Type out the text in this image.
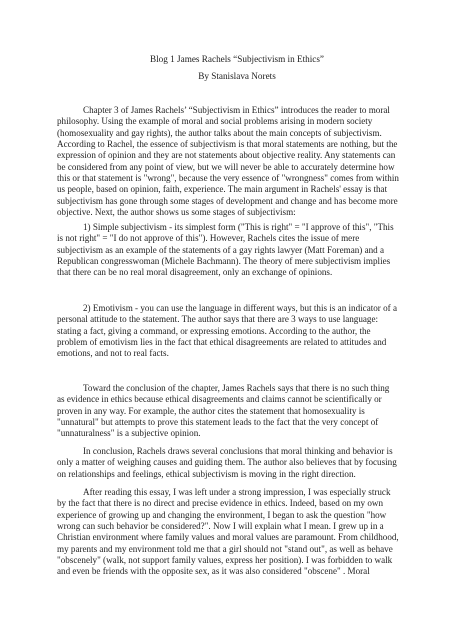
Blog 1 James Rachels “Subjectivism in Ethics”
By Stanislava Norets

Chapter 3 of James Rachels’ “Subjectivism in Ethics” introduces the reader to moral
philosophy. Using the example of moral and social problems arising in modern society
(homosexuality and gay rights), the author talks about the main concepts of subjectivism.
According to Rachel, the essence of subjectivism is that moral statements are nothing, but the
expression of opinion and they are not statements about objective reality. Any statements can
be considered from any point of view, but we will never be able to accurately determine how
this or that statement is "wrong", because the very essence of "wrongness" comes from within
us people, based on opinion, faith, experience. The main argument in Rachels' essay is that
subjectivism has gone through some stages of development and change and has become more
objective. Next, the author shows us some stages of subjectivism:

1) Simple subjectivism - its simplest form ("This is right" = "I approve of this", "This
is not right" = "I do not approve of this"). However, Rachels cites the issue of mere
subjectivism as an example of the statements of a gay rights lawyer (Matt Foreman) and a
Republican congresswoman (Michele Bachmann). The theory of mere subjectivism implies
that there can be no real moral disagreement, only an exchange of opinions.

2) Emotivism - you can use the language in different ways, but this is an indicator of a
personal attitude to the statement. The author says that there are 3 ways to use language:
stating a fact, giving a command, or expressing emotions. According to the author, the
problem of emotivism lies in the fact that ethical disagreements are related to attitudes and
emotions, and not to real facts.

Toward the conclusion of the chapter, James Rachels says that there is no such thing
as evidence in ethics because ethical disagreements and claims cannot be scientifically or
proven in any way. For example, the author cites the statement that homosexuality is
"unnatural" but attempts to prove this statement leads to the fact that the very concept of
"unnaturalness" is a subjective opinion.

In conclusion, Rachels draws several conclusions that moral thinking and behavior is
only a matter of weighing causes and guiding them. The author also believes that by focusing
on relationships and feelings, ethical subjectivism is moving in the right direction.

After reading this essay, I was left under a strong impression, I was especially struck
by the fact that there is no direct and precise evidence in ethics. Indeed, based on my own
experience of growing up and changing the environment, I began to ask the question "how
wrong can such behavior be considered?". Now I will explain what I mean. I grew up in a
Christian environment where family values and moral values are paramount. From childhood,
my parents and my environment told me that a girl should not "stand out", as well as behave
"obscenely" (walk, not support family values, express her position). I was forbidden to walk
and even be friends with the opposite sex, as it was also considered "obscene" . Moral
